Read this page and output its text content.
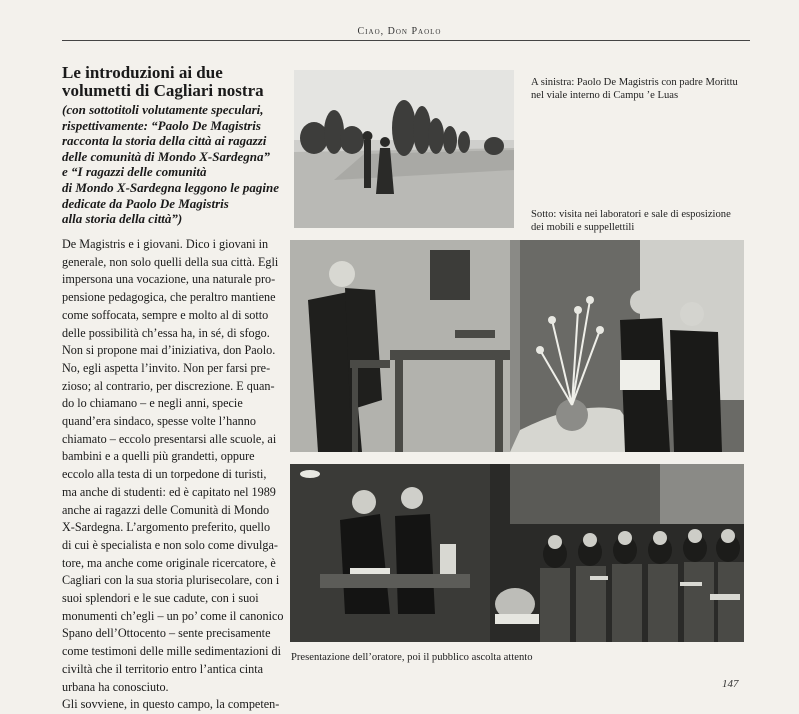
Ciao, Don Paolo
Le introduzioni ai due volumetti di Cagliari nostra

(con sottotitoli volutamente speculari,
rispettivamente: “Paolo De Magistris
racconta la storia della città ai ragazzi
delle comunità di Mondo X-Sardegna”
e “I ragazzi delle comunità
di Mondo X-Sardegna leggono le pagine
dedicate da Paolo De Magistris
alla storia della città”)

De Magistris e i giovani. Dico i giovani in
generale, non solo quelli della sua città. Egli
impersona una vocazione, una naturale pro-
pensione pedagogica, che peraltro mantiene
come soffocata, sempre e molto al di sotto
delle possibilità ch’essa ha, in sé, di sfogo.
Non si propone mai d’iniziativa, don Paolo.
No, egli aspetta l’invito. Non per farsi pre-
zioso; al contrario, per discrezione. E quan-
do lo chiamano – e negli anni, specie
quand’era sindaco, spesse volte l’hanno
chiamato – eccolo presentarsi alle scuole, ai
bambini e a quelli più grandetti, oppure
eccolo alla testa di un torpedone di turisti,
ma anche di studenti: ed è capitato nel 1989
anche ai ragazzi delle Comunità di Mondo
X-Sardegna. L’argomento preferito, quello
di cui è specialista e non solo come divulga-
tore, ma anche come originale ricercatore, è
Cagliari con la sua storia plurisecolare, con i
suoi splendori e le sue cadute, con i suoi
monumenti ch’egli – un po’ come il canonico
Spano dell’Ottocento – sente precisamente
come testimoni delle mille sedimentazioni di
civiltà che il territorio entro l’antica cinta
urbana ha conosciuto.
Gli sovviene, in questo campo, la competen-

A sinistra: Paolo De Magistris con padre Morittu
nel viale interno di Campu ’e Luas

Sotto: visita nei laboratori e sale di esposizione
dei mobili e suppellettili

Presentazione dell’oratore, poi il pubblico ascolta attento

147
